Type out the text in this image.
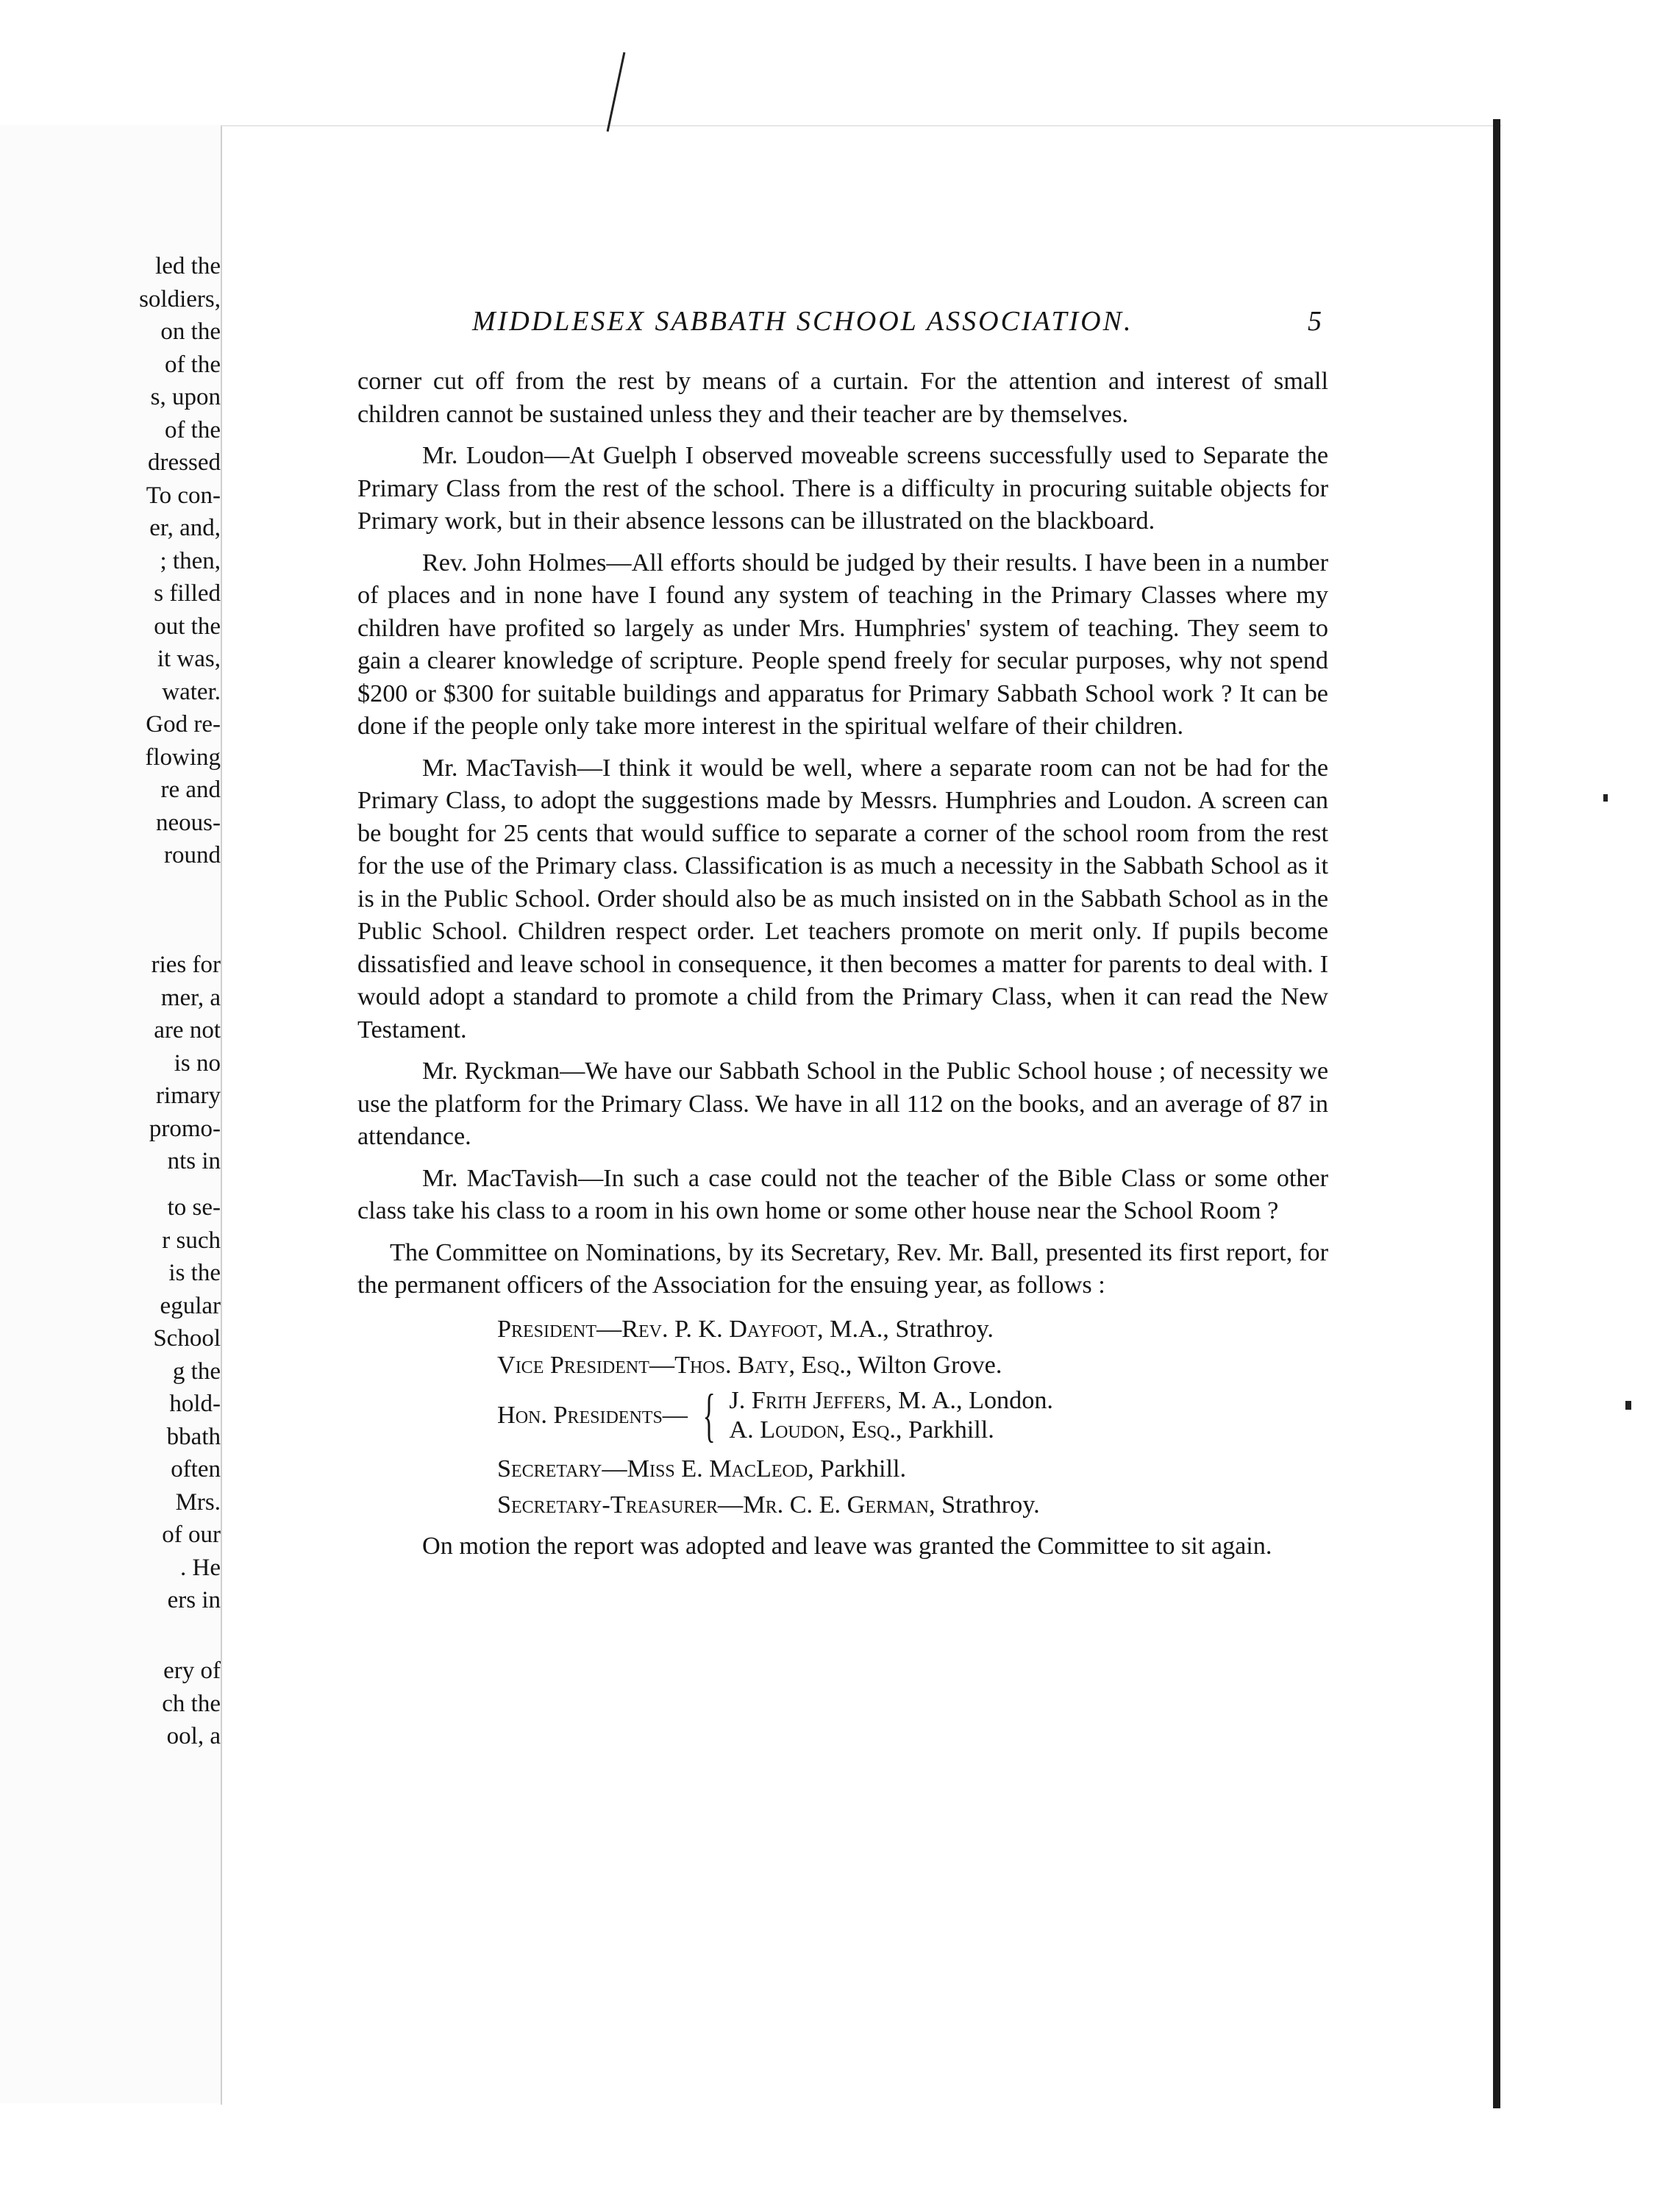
led the
soldiers,
on the
of the
s, upon
of the
dressed
To con-
er, and,
; then,
s filled
out the
it was,
water.
God re-
flowing
re and
neous-
round
ries for
mer, a
are not
is no
rimary
promo-
nts in
to se-
r such
is the
egular
School
g the
hold-
bbath
often
Mrs.
of our
. He
ers in
ery of
ch the
ool, a
MIDDLESEX SABBATH SCHOOL ASSOCIATION.	5

corner cut off from the rest by means of a curtain. For the attention and interest of small children cannot be sustained unless they and their teacher are by themselves.

Mr. Loudon—At Guelph I observed moveable screens successfully used to Separate the Primary Class from the rest of the school. There is a difficulty in procuring suitable objects for Primary work, but in their absence lessons can be illustrated on the blackboard.

Rev. John Holmes—All efforts should be judged by their results. I have been in a number of places and in none have I found any system of teaching in the Primary Classes where my children have profited so largely as under Mrs. Humphries' system of teaching. They seem to gain a clearer knowledge of scripture. People spend freely for secular purposes, why not spend $200 or $300 for suitable buildings and apparatus for Primary Sabbath School work ? It can be done if the people only take more interest in the spiritual welfare of their children.

Mr. MacTavish—I think it would be well, where a separate room can not be had for the Primary Class, to adopt the suggestions made by Messrs. Humphries and Loudon. A screen can be bought for 25 cents that would suffice to separate a corner of the school room from the rest for the use of the Primary class. Classification is as much a necessity in the Sabbath School as it is in the Public School. Order should also be as much insisted on in the Sabbath School as in the Public School. Children respect order. Let teachers promote on merit only. If pupils become dissatisfied and leave school in consequence, it then becomes a matter for parents to deal with. I would adopt a standard to promote a child from the Primary Class, when it can read the New Testament.

Mr. Ryckman—We have our Sabbath School in the Public School house ; of necessity we use the platform for the Primary Class. We have in all 112 on the books, and an average of 87 in attendance.

Mr. MacTavish—In such a case could not the teacher of the Bible Class or some other class take his class to a room in his own home or some other house near the School Room ?

The Committee on Nominations, by its Secretary, Rev. Mr. Ball, presented its first report, for the permanent officers of the Association for the ensuing year, as follows :

President—Rev. P. K. Dayfoot, M.A., Strathroy.
Vice President—Thos. Baty, Esq., Wilton Grove.
Hon. Presidents— { J. Frith Jeffers, M. A., London.
A. Loudon, Esq., Parkhill.
Secretary—Miss E. MacLeod, Parkhill.
Secretary-Treasurer—Mr. C. E. German, Strathroy.

On motion the report was adopted and leave was granted the Committee to sit again.
